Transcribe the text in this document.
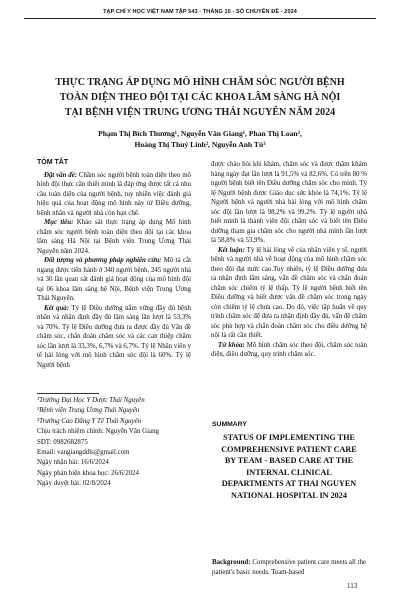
TẠP CHÍ Y HỌC VIỆT NAM TẬP 543 - THÁNG 10 - SỐ CHUYÊN ĐỀ - 2024
THỰC TRẠNG ÁP DỤNG MÔ HÌNH CHĂM SÓC NGƯỜI BỆNH
TOÀN DIỆN THEO ĐỘI TẠI CÁC KHOA LÂM SÀNG HÀ NỘI
TẠI BỆNH VIỆN TRUNG ƯƠNG THÁI NGUYÊN NĂM 2024
Phạm Thị Bích Thương¹, Nguyễn Văn Giang¹, Phan Thị Loan²,
Hoàng Thị Thuý Linh², Nguyễn Anh Tú³
TÓM TẮT

Đặt vấn đề: Chăm sóc người bệnh toàn diện theo mô hình đội thực cần thiết mình là đáp ứng được tất cả nhu cầu toàn diện của người bệnh, tuy nhiên việc đánh giá hiệu quả của hoạt động mô hình này từ Điều dưỡng, bệnh nhân và người nhà còn hạn chế.

Mục tiêu: Khảo sát thực trạng áp dụng Mô hình chăm sóc người bệnh toàn diện theo đội tại các khoa lâm sàng Hà Nội tại Bệnh viện Trung Ương Thái Nguyên năm 2024.

Đối tượng và phương pháp nghiên cứu: Mô tả cắt ngang được tiến hành ở 340 người bệnh, 245 người nhà và 30 lần quan sát đánh giá hoạt động của mô hình đội tại 06 khoa lâm sàng hệ Nội, Bệnh viện Trung Ương Thái Nguyên.

Kết quả: Tỷ lệ Điều dưỡng nắm vững đầy đủ bệnh nhân và nhận định đầy đủ lâm sàng lần lượt là 53,3% và 70%. Tỷ lệ Điều dưỡng đưa ra được đầy đủ Vấn đề chăm sóc, chẩn đoán chăm sóc và các can thiệp chăm sóc lần lượt là 33,3%, 6,7% và 6,7%. Tỷ lệ Nhân viên y tế hài lòng với mô hình chăm sóc đội là 60%. Tỷ lệ Người bệnh

được chào hỏi khi khám, chăm sóc và được thăm khám hàng ngày đạt lần lượt là 91,5% và 82,6%. Có trên 80 % người bệnh biết tên Điều dưỡng chăm sóc cho mình. Tỷ lệ Người bệnh được Giáo dục sức khỏe là 74,1%. Tỷ lệ Người bệnh và người nhà hài lòng với mô hình chăm sóc đội lần lượt là 98,2% và 99,2%. Tỷ lệ người nhà biết mình là thành viên đội chăm sóc và biết tên Điều dưỡng tham gia chăm sóc cho người nhà mình lần lượt là 58,8% và 53,9%.

Kết luận: Tỷ lệ hài lòng về của nhân viên y tế, người bệnh và người nhà về hoạt động của mô hình chăm sóc theo đội đạt mức cao.Tuy nhiên, tỷ lệ Điều dưỡng đưa ra nhận định lâm sàng, vấn đề chăm sóc và chẩn đoán chăm sóc chiếm tỷ lệ thấp. Tỷ lệ người bệnh biết tên Điều dưỡng và biết được vấn đề chăm sóc trong ngày còn chiếm tỷ lệ chưa cao. Do đó, việc tập huấn về quy trình chăm sóc để đưa ra nhận định đầy đủ, vấn đề chăm sóc phù hợp và chẩn đoán chăm sóc cho điều dưỡng hệ nội là rất cần thiết.

Từ khóa: Mô hình chăm sóc theo đội, chăm sóc toàn diện, điều dưỡng, quy trình chăm sóc.

¹Trường Đại Học Y Dược Thái Nguyên
²Bệnh viện Trung Ương Thái Nguyên
³Trường Cao Đẳng Y Tế Thái Nguyên
Chịu trách nhiệm chính: Nguyễn Văn Giang
SĐT: 0982682875
Email: vangiangddls@gmail.com
Ngày nhận bài: 16/6/2024
Ngày phản biện khoa học: 26/6/2024
Ngày duyệt bài: 02/8/2024
SUMMARY
STATUS OF IMPLEMENTING THE
COMPREHENSIVE PATIENT CARE
BY TEAM - BASED CARE AT THE
INTERNAL CLINICAL
DEPARTMENTS AT THAI NGUYEN
NATIONAL HOSPITAL IN 2024
Background: Comprehensive patient care meets all the patient's basic needs. Team-based
113
